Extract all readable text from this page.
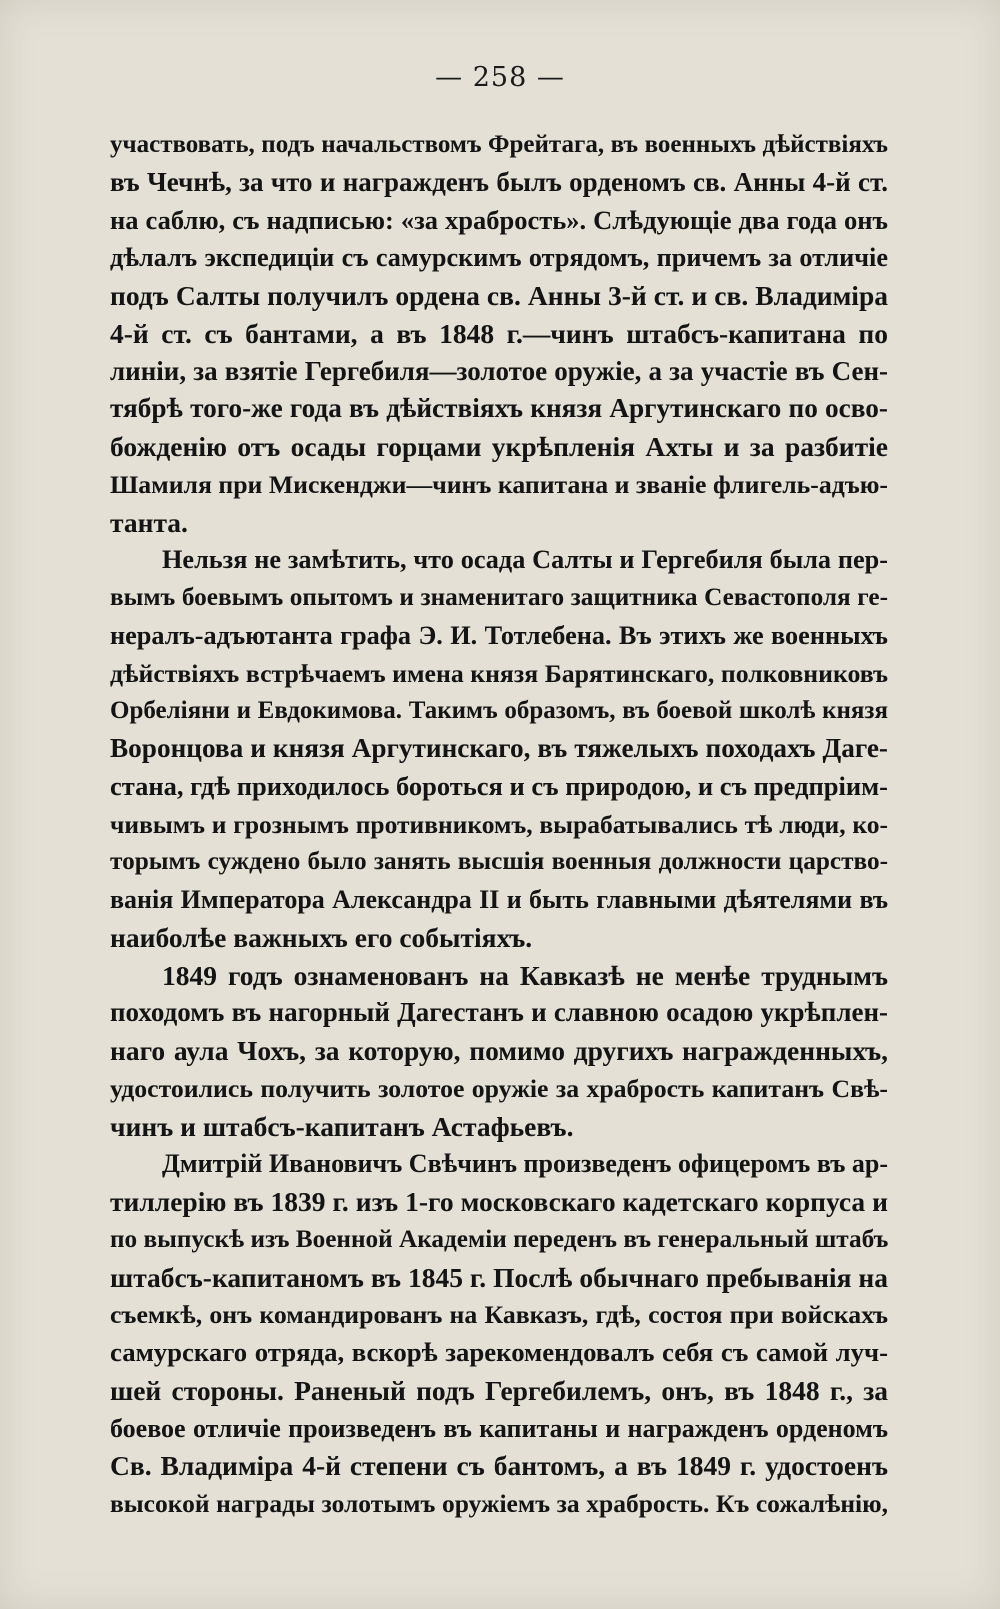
— 258 —
участвовать, подъ начальствомъ Фрейтага, въ военныхъ дѣйствiяхъ
въ Чечнѣ, за что и награжденъ былъ орденомъ св. Анны 4-й ст.
на саблю, съ надписью: «за храбрость». Слѣдующiе два года онъ
дѣлалъ экспедицiи съ самурскимъ отрядомъ, причемъ за отличiе
подъ Салты получилъ ордена св. Анны 3-й ст. и св. Владимiра
4-й ст. съ бантами, а въ 1848 г.—чинъ штабсъ-капитана по
линiи, за взятiе Гергебиля—золотое оружiе, а за участiе въ Сен-
тябрѣ того-же года въ дѣйствiяхъ князя Аргутинскаго по осво-
божденiю отъ осады горцами укрѣпленiя Ахты и за разбитiе
Шамиля при Мискенджи—чинъ капитана и званiе флигель-адъю-
танта.
Нельзя не замѣтить, что осада Салты и Гергебиля была пер-
вымъ боевымъ опытомъ и знаменитаго защитника Севастополя ге-
нералъ-адъютанта графа Э. И. Тотлебена. Въ этихъ же военныхъ
дѣйствiяхъ встрѣчаемъ имена князя Барятинскаго, полковниковъ
Орбелiяни и Евдокимова. Такимъ образомъ, въ боевой школѣ князя
Воронцова и князя Аргутинскаго, въ тяжелыхъ походахъ Даге-
стана, гдѣ приходилось бороться и съ природою, и съ предпрiим-
чивымъ и грознымъ противникомъ, вырабатывались тѣ люди, ко-
торымъ суждено было занять высшiя военныя должности царство-
ванiя Императора Александра II и быть главными дѣятелями въ
наиболѣе важныхъ его событiяхъ.
1849 годъ ознаменованъ на Кавказѣ не менѣе труднымъ
походомъ въ нагорный Дагестанъ и славною осадою укрѣплен-
наго аула Чохъ, за которую, помимо другихъ награжденныхъ,
удостоились получить золотое оружiе за храбрость капитанъ Свѣ-
чинъ и штабсъ-капитанъ Астафьевъ.
Дмитрiй Ивановичъ Свѣчинъ произведенъ офицеромъ въ ар-
тиллерiю въ 1839 г. изъ 1-го московскаго кадетскаго корпуса и
по выпускѣ изъ Военной Академiи переденъ въ генеральный штабъ
штабсъ-капитаномъ въ 1845 г. Послѣ обычнаго пребыванiя на
съемкѣ, онъ командированъ на Кавказъ, гдѣ, состоя при войскахъ
самурскаго отряда, вскорѣ зарекомендовалъ себя съ самой луч-
шей стороны. Раненый подъ Гергебилемъ, онъ, въ 1848 г., за
боевое отличiе произведенъ въ капитаны и награжденъ орденомъ
Св. Владимiра 4-й степени съ бантомъ, а въ 1849 г. удостоенъ
высокой награды золотымъ оружiемъ за храбрость. Къ сожалѣнiю,
